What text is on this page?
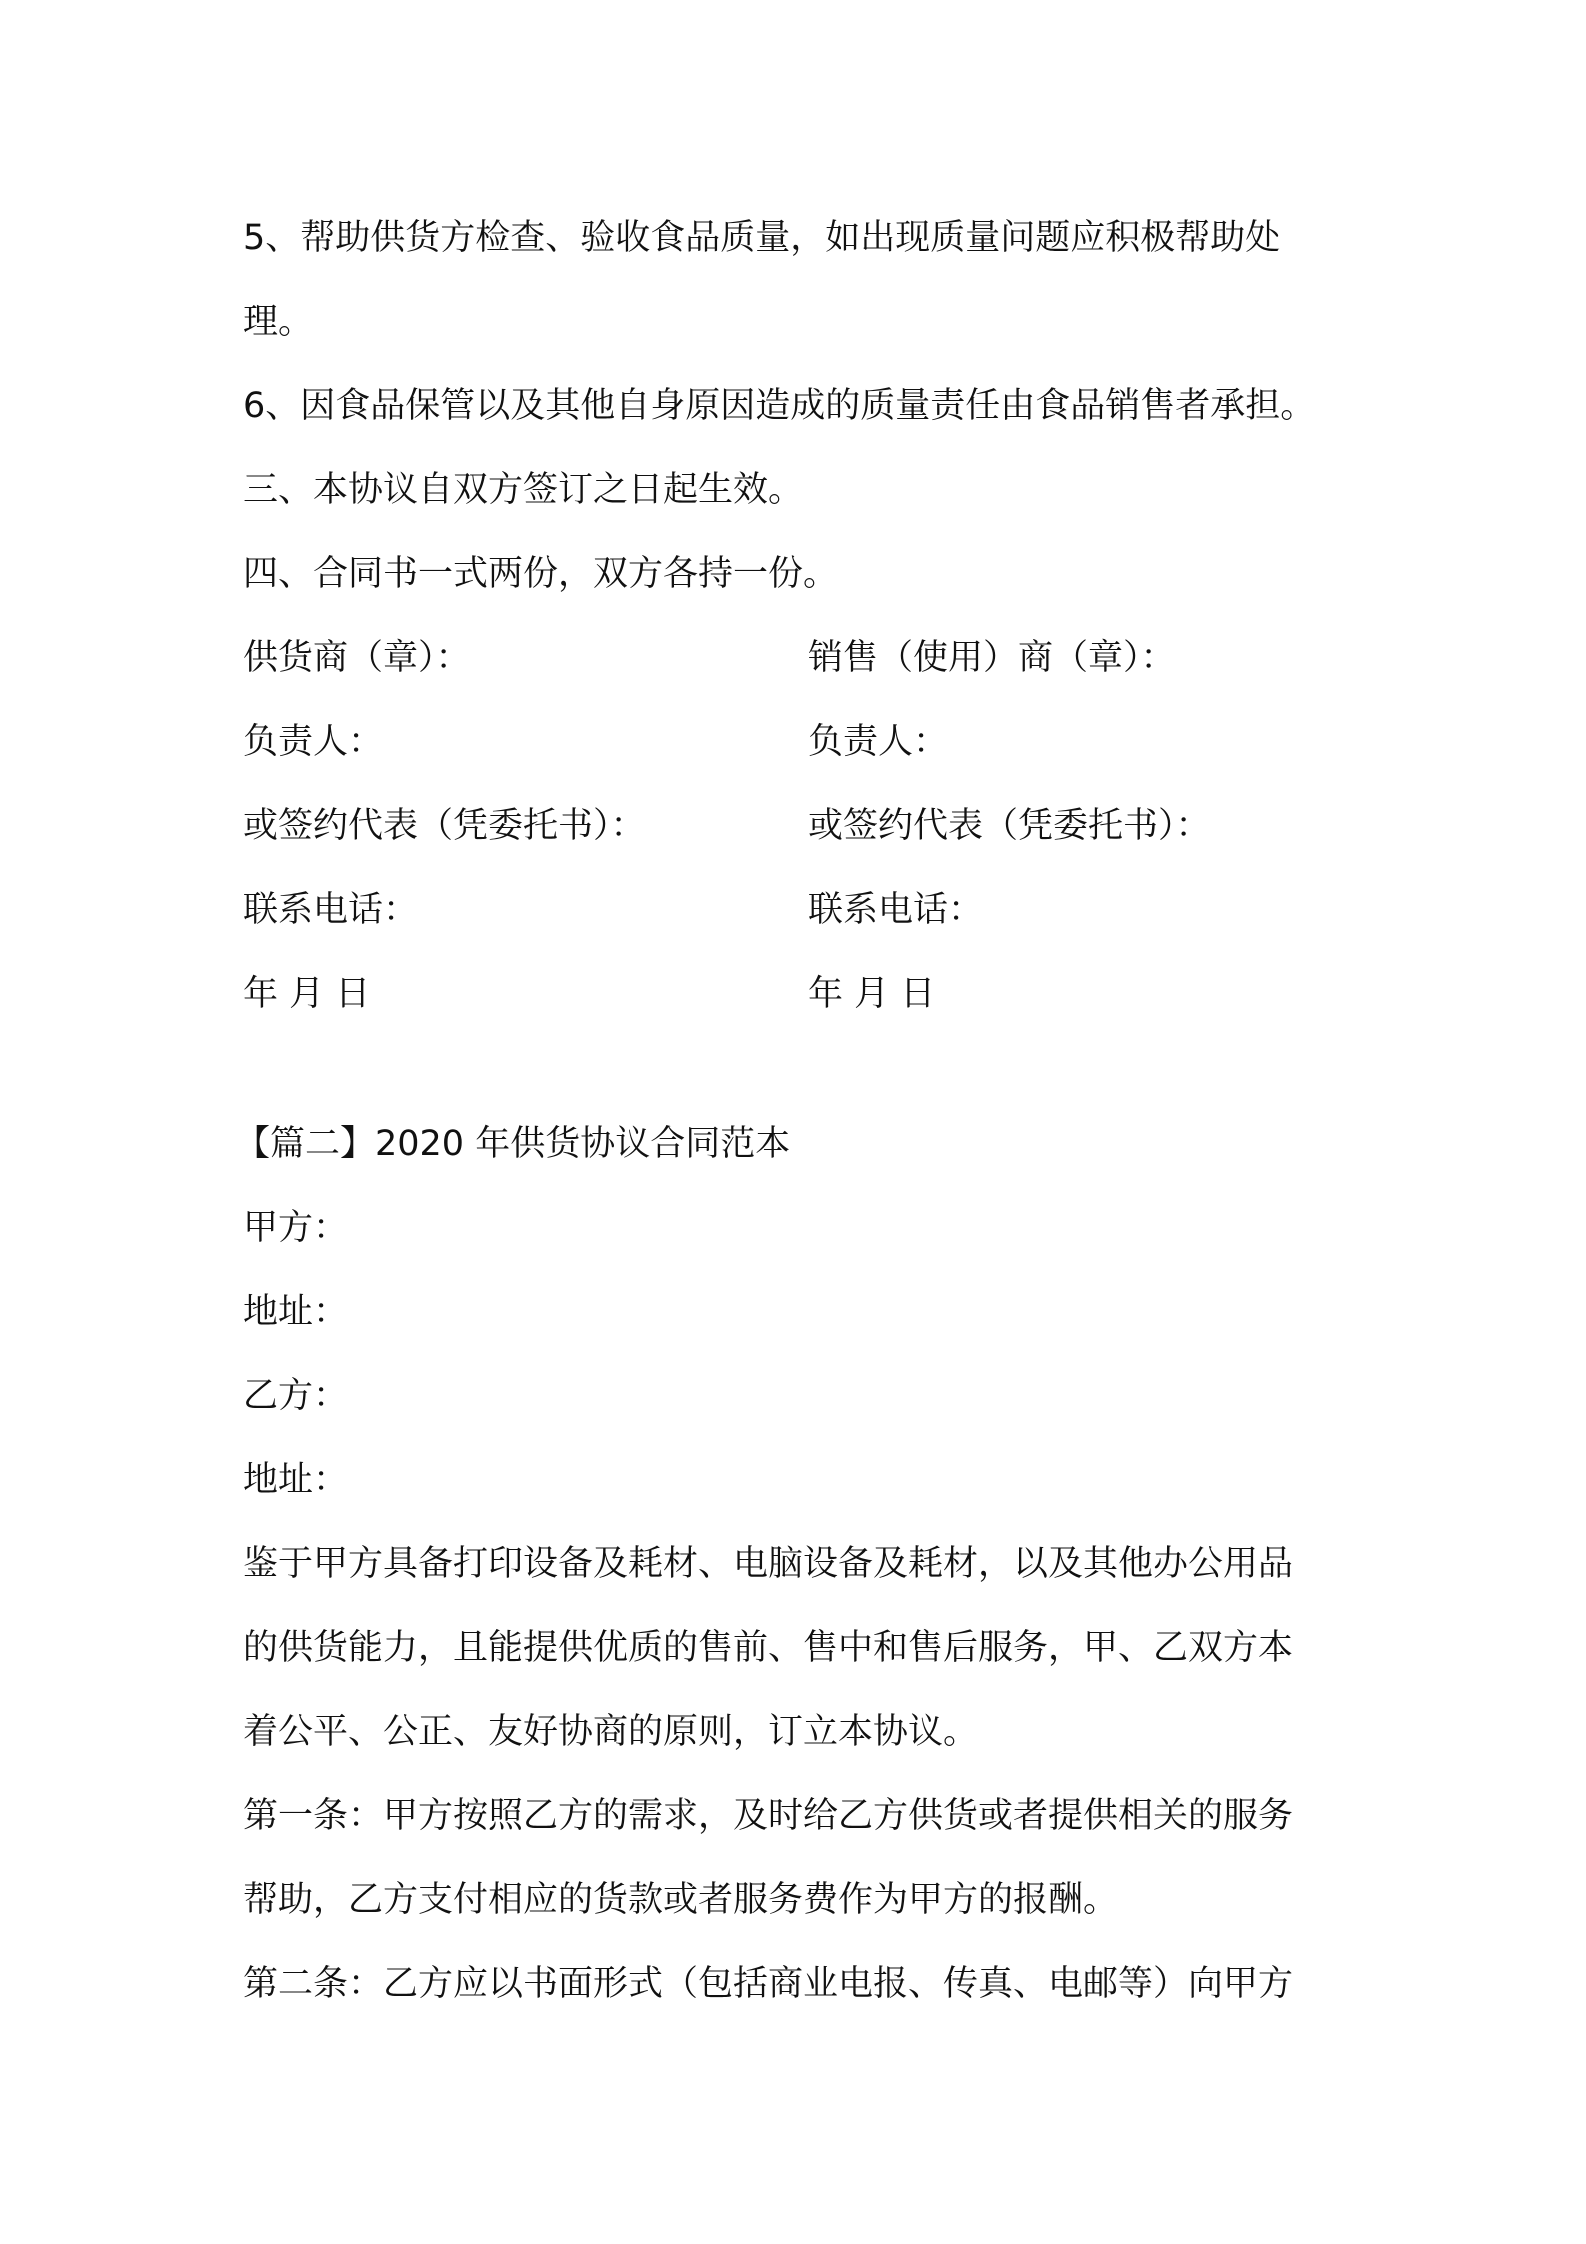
5、帮助供货方检查、验收食品质量，如出现质量问题应积极帮助处
理。
6、因食品保管以及其他自身原因造成的质量责任由食品销售者承担。
三、本协议自双方签订之日起生效。
四、合同书一式两份，双方各持一份。
供货商（章）：	销售（使用）商（章）：
负责人：	负责人：
或签约代表（凭委托书）：	或签约代表（凭委托书）：
联系电话：	联系电话：
年 月 日	年 月 日
【篇二】2020 年供货协议合同范本
甲方：
地址：
乙方：
地址：
鉴于甲方具备打印设备及耗材、电脑设备及耗材，以及其他办公用品
的供货能力，且能提供优质的售前、售中和售后服务，甲、乙双方本
着公平、公正、友好协商的原则，订立本协议。
第一条：甲方按照乙方的需求，及时给乙方供货或者提供相关的服务
帮助，乙方支付相应的货款或者服务费作为甲方的报酬。
第二条：乙方应以书面形式（包括商业电报、传真、电邮等）向甲方
